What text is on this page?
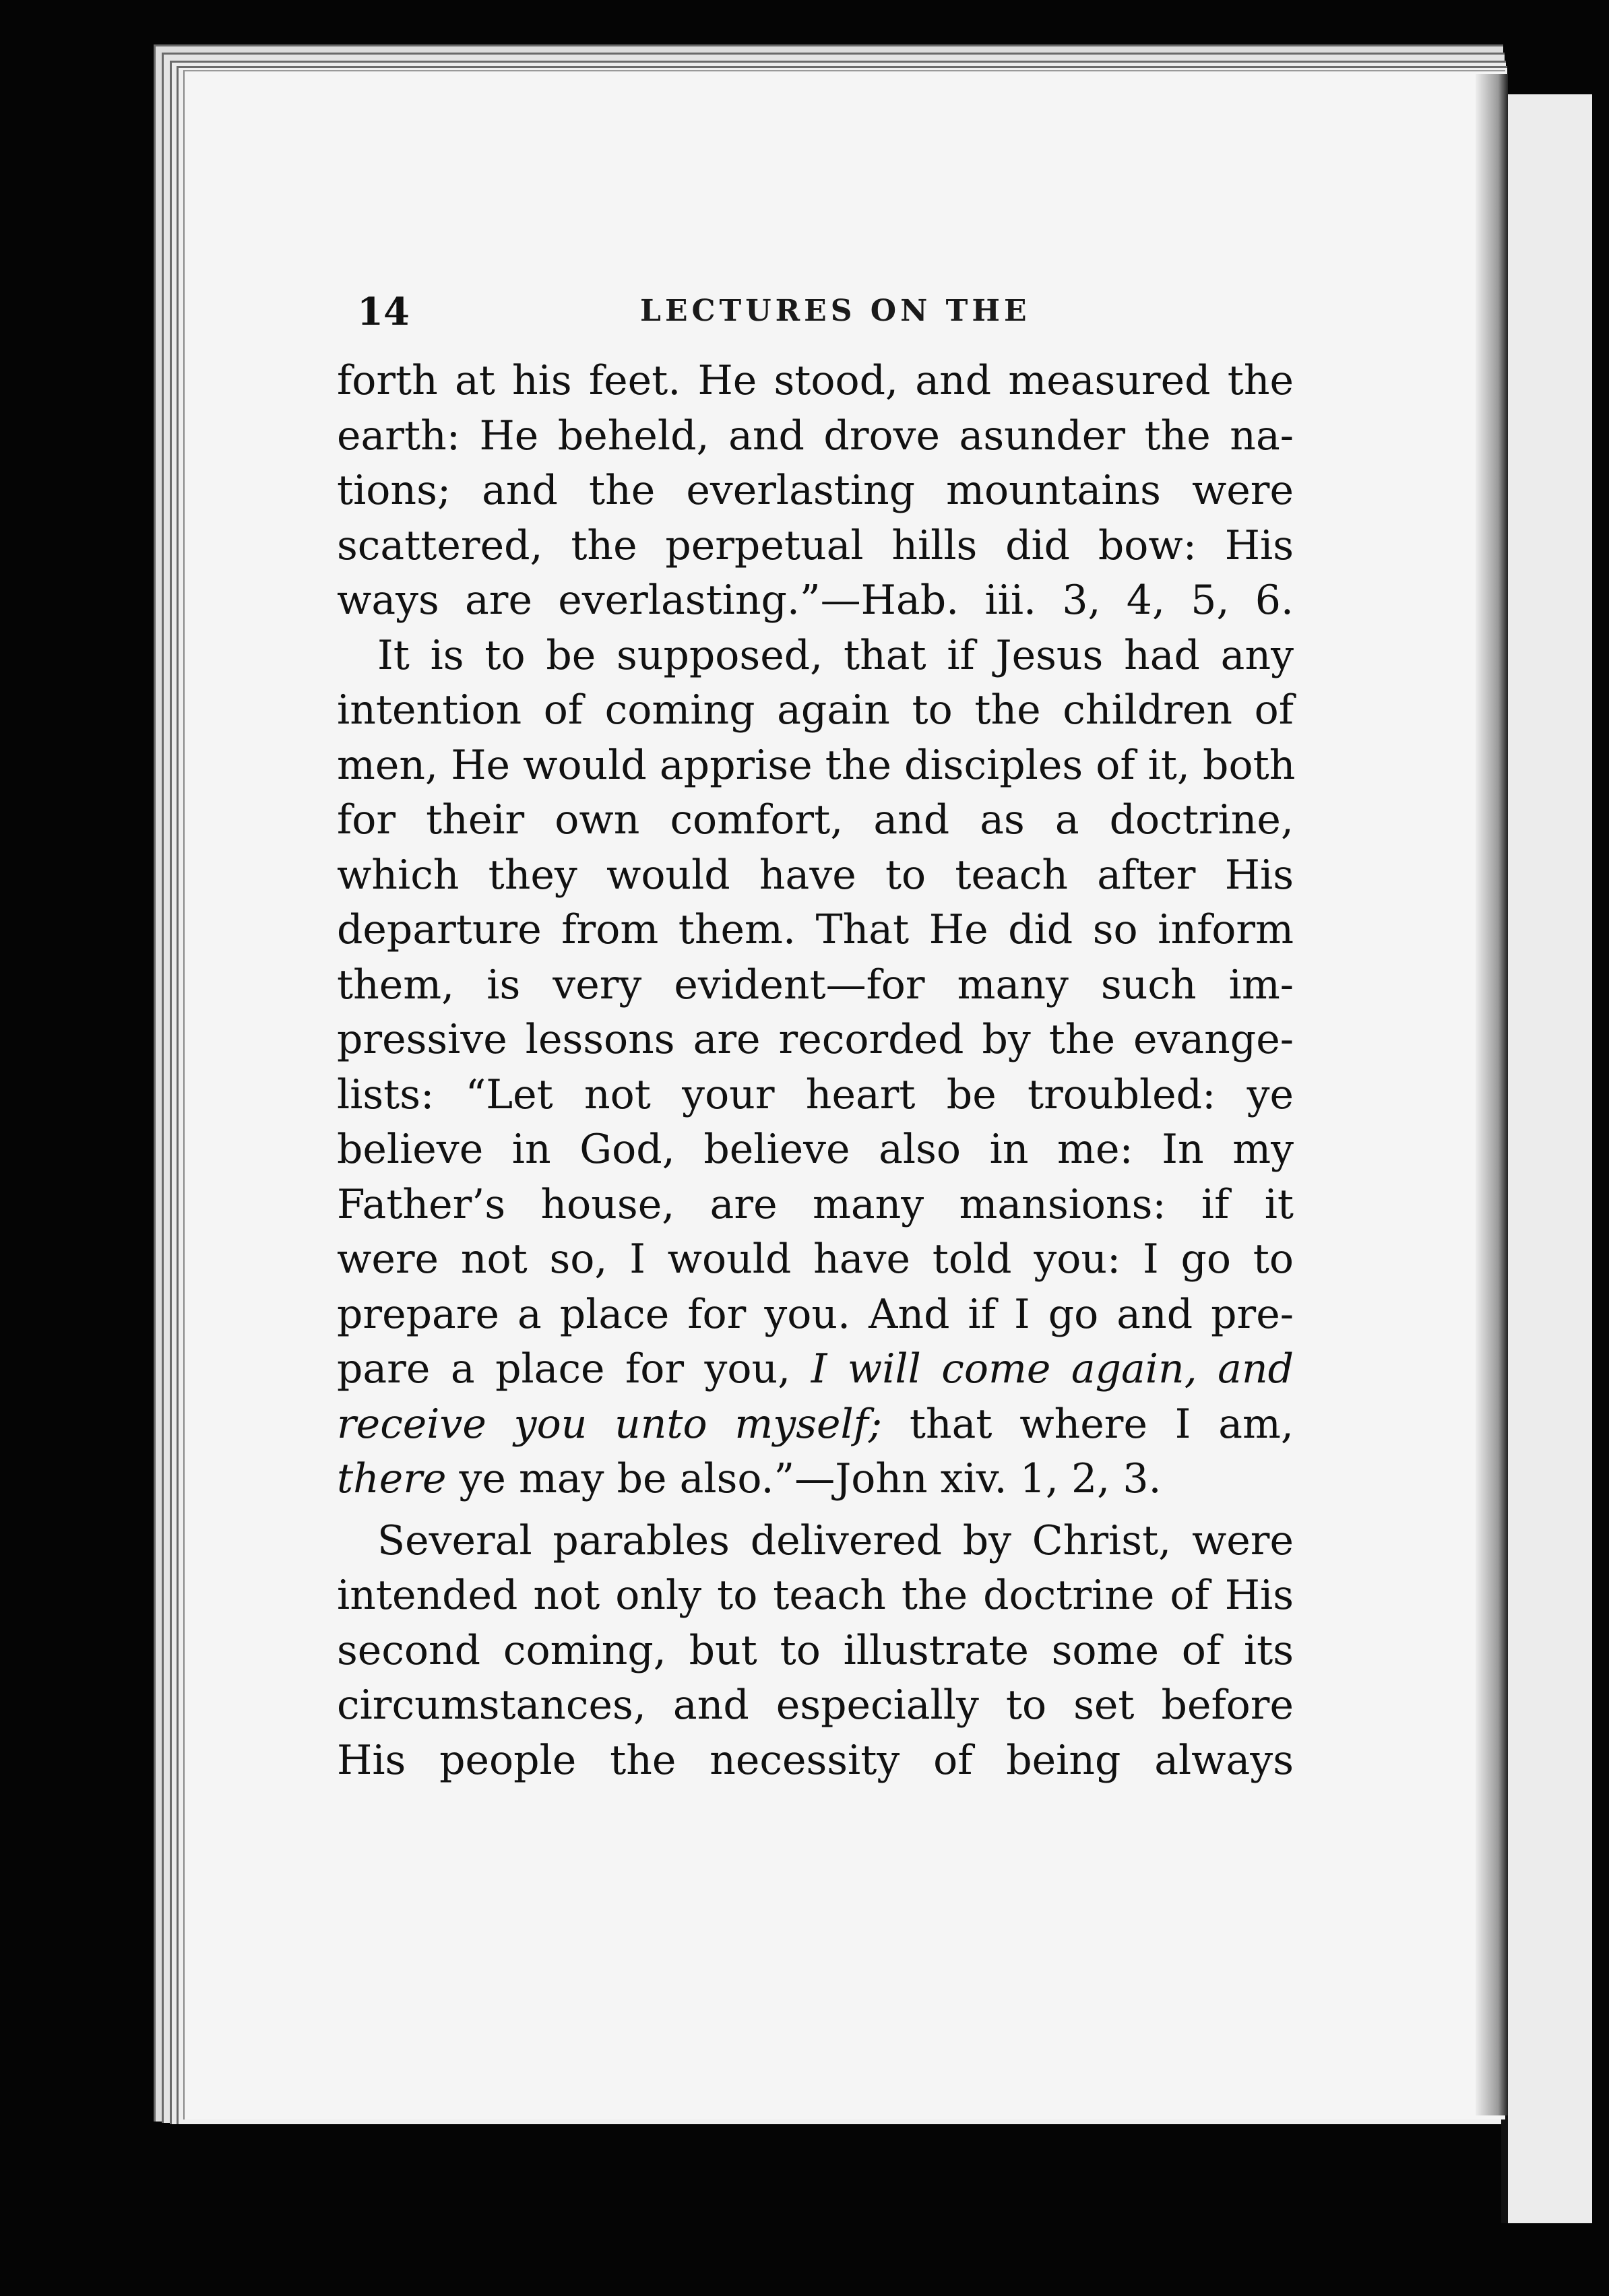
14	LECTURES ON THE
forth at his feet. He stood, and measured the
earth: He beheld, and drove asunder the na-
tions; and the everlasting mountains were
scattered, the perpetual hills did bow: His
ways are everlasting.”—Hab. iii. 3, 4, 5, 6.
It is to be supposed, that if Jesus had any
intention of coming again to the children of
men, He would apprise the disciples of it, both
for their own comfort, and as a doctrine,
which they would have to teach after His
departure from them. That He did so inform
them, is very evident—for many such im-
pressive lessons are recorded by the evange-
lists: “Let not your heart be troubled: ye
believe in God, believe also in me: In my
Father’s house, are many mansions: if it
were not so, I would have told you: I go to
prepare a place for you. And if I go and pre-
pare a place for you, I will come again, and
receive you unto myself; that where I am,
there ye may be also.”—John xiv. 1, 2, 3.
Several parables delivered by Christ, were
intended not only to teach the doctrine of His
second coming, but to illustrate some of its
circumstances, and especially to set before
His people the necessity of being always
